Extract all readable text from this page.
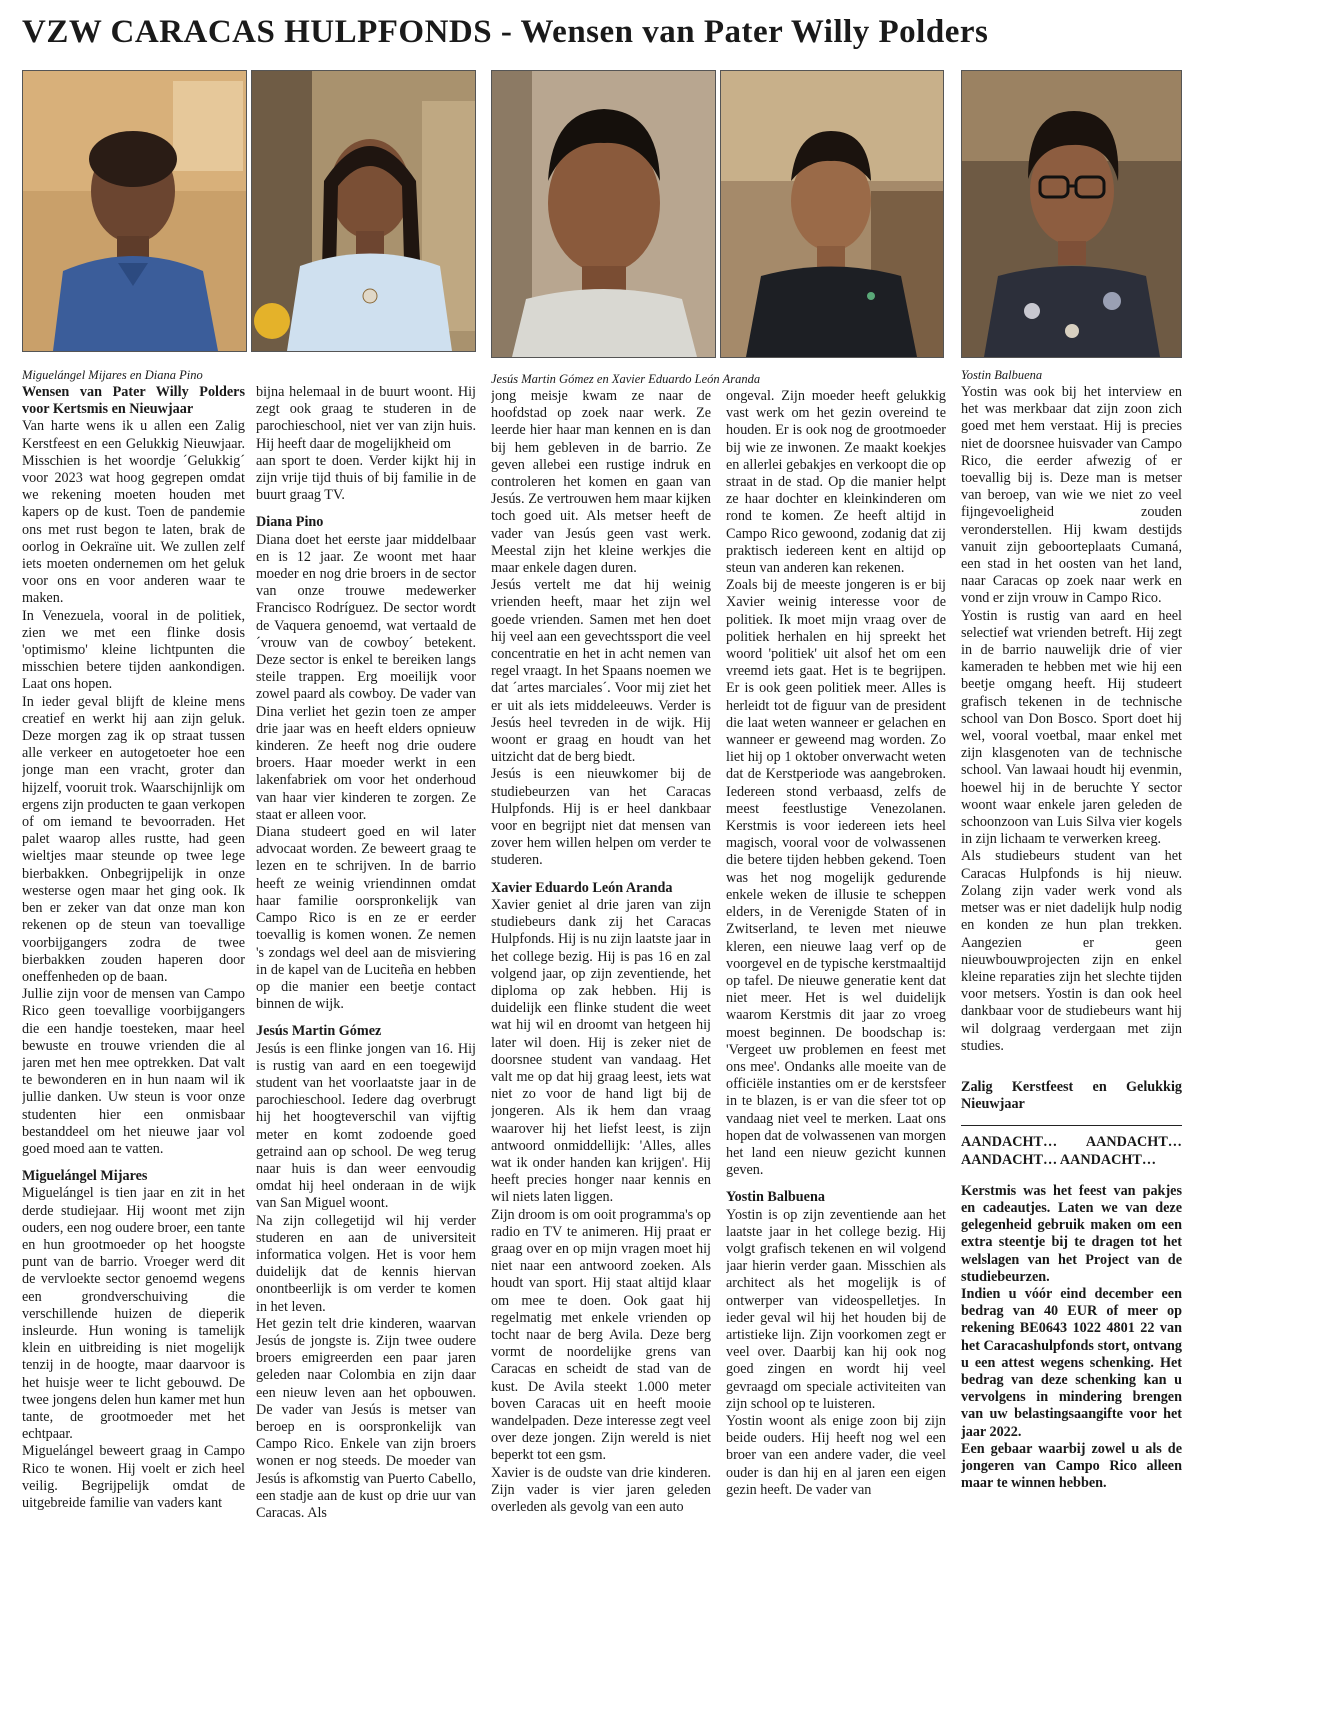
VZW CARACAS HULPFONDS - Wensen van Pater Willy Polders
Miguelángel Mijares en Diana Pino	Jesús Martin Gómez en Xavier Eduardo León Aranda	Yostin Balbuena

Wensen van Pater Willy Polders voor Kertsmis en Nieuwjaar

Van harte wens ik u allen een Zalig Kerstfeest en een Gelukkig Nieuwjaar. Misschien is het woordje ´Gelukkig´ voor 2023 wat hoog gegrepen omdat we rekening moeten houden met kapers op de kust. Toen de pandemie ons met rust begon te laten, brak de oorlog in Oekraïne uit. We zullen zelf iets moeten ondernemen om het geluk voor ons en voor anderen waar te maken.

In Venezuela, vooral in de politiek, zien we met een flinke dosis 'optimismo' kleine lichtpunten die misschien betere tijden aankondigen. Laat ons hopen.

In ieder geval blijft de kleine mens creatief en werkt hij aan zijn geluk. Deze morgen zag ik op straat tussen alle verkeer en autogetoeter hoe een jonge man een vracht, groter dan hijzelf, vooruit trok. Waarschijnlijk om ergens zijn producten te gaan verkopen of om iemand te bevoorraden. Het palet waarop alles rustte, had geen wieltjes maar steunde op twee lege bierbakken. Onbegrijpelijk in onze westerse ogen maar het ging ook. Ik ben er zeker van dat onze man kon rekenen op de steun van toevallige voorbijgangers zodra de twee bierbakken zouden haperen door oneffenheden op de baan.

Jullie zijn voor de mensen van Campo Rico geen toevallige voorbijgangers die een handje toesteken, maar heel bewuste en trouwe vrienden die al jaren met hen mee optrekken. Dat valt te bewonderen en in hun naam wil ik jullie danken. Uw steun is voor onze studenten hier een onmisbaar bestanddeel om het nieuwe jaar vol goed moed aan te vatten.

Miguelángel Mijares

Miguelángel is tien jaar en zit in het derde studiejaar. Hij woont met zijn ouders, een nog oudere broer, een tante en hun grootmoeder op het hoogste punt van de barrio. Vroeger werd dit de vervloekte sector genoemd wegens een grondverschuiving die verschillende huizen de dieperik insleurde. Hun woning is tamelijk klein en uitbreiding is niet mogelijk tenzij in de hoogte, maar daarvoor is het huisje weer te licht gebouwd. De twee jongens delen hun kamer met hun tante, de grootmoeder met het echtpaar.

Miguelángel beweert graag in Campo Rico te wonen. Hij voelt er zich heel veilig. Begrijpelijk omdat de uitgebreide familie van vaders kant

bijna helemaal in de buurt woont. Hij zegt ook graag te studeren in de parochieschool, niet ver van zijn huis. Hij heeft daar de mogelijkheid om

aan sport te doen. Verder kijkt hij in zijn vrije tijd thuis of bij familie in de buurt graag TV.

Diana Pino

Diana doet het eerste jaar middelbaar en is 12 jaar. Ze woont met haar moeder en nog drie broers in de sector van onze trouwe medewerker Francisco Rodríguez. De sector wordt de Vaquera genoemd, wat vertaald de ´vrouw van de cowboy´ betekent. Deze sector is enkel te bereiken langs steile trappen. Erg moeilijk voor zowel paard als cowboy. De vader van Dina verliet het gezin toen ze amper drie jaar was en heeft elders opnieuw kinderen. Ze heeft nog drie oudere broers. Haar moeder werkt in een lakenfabriek om voor het onderhoud van haar vier kinderen te zorgen. Ze staat er alleen voor.

Diana studeert goed en wil later advocaat worden. Ze beweert graag te lezen en te schrijven. In de barrio heeft ze weinig vriendinnen omdat haar familie oorspronkelijk van Campo Rico is en ze er eerder toevallig is komen wonen. Ze nemen 's zondags wel deel aan de misviering in de kapel van de Luciteña en hebben op die manier een beetje contact binnen de wijk.

Jesús Martin Gómez

Jesús is een flinke jongen van 16. Hij is rustig van aard en een toegewijd student van het voorlaatste jaar in de parochieschool. Iedere dag overbrugt hij het hoogteverschil van vijftig meter en komt zodoende goed getraind aan op school. De weg terug naar huis is dan weer eenvoudig omdat hij heel onderaan in de wijk van San Miguel woont.

Na zijn collegetijd wil hij verder studeren en aan de universiteit informatica volgen. Het is voor hem duidelijk dat de kennis hiervan onontbeerlijk is om verder te komen in het leven.

Het gezin telt drie kinderen, waarvan Jesús de jongste is. Zijn twee oudere broers emigreerden een paar jaren geleden naar Colombia en zijn daar een nieuw leven aan het opbouwen. De vader van Jesús is metser van beroep en is oorspronkelijk van Campo Rico. Enkele van zijn broers wonen er nog steeds. De moeder van Jesús is afkomstig van Puerto Cabello, een stadje aan de kust op drie uur van Caracas. Als

jong meisje kwam ze naar de hoofdstad op zoek naar werk. Ze leerde hier haar man kennen en is dan bij hem gebleven in de barrio. Ze geven allebei een rustige indruk en controleren het komen en gaan van Jesús. Ze vertrouwen hem maar kijken toch goed uit. Als metser heeft de vader van Jesús geen vast werk. Meestal zijn het kleine werkjes die maar enkele dagen duren.

Jesús vertelt me dat hij weinig vrienden heeft, maar het zijn wel goede vrienden. Samen met hen doet hij veel aan een gevechtssport die veel concentratie en het in acht nemen van regel vraagt. In het Spaans noemen we dat ´artes marciales´. Voor mij ziet het er uit als iets middeleeuws. Verder is Jesús heel tevreden in de wijk. Hij woont er graag en houdt van het uitzicht dat de berg biedt.

Jesús is een nieuwkomer bij de studiebeurzen van het Caracas Hulpfonds. Hij is er heel dankbaar voor en begrijpt niet dat mensen van zover hem willen helpen om verder te studeren.

Xavier Eduardo León Aranda

Xavier geniet al drie jaren van zijn studiebeurs dank zij het Caracas Hulpfonds. Hij is nu zijn laatste jaar in het college bezig. Hij is pas 16 en zal volgend jaar, op zijn zeventiende, het diploma op zak hebben. Hij is duidelijk een flinke student die weet wat hij wil en droomt van hetgeen hij later wil doen. Hij is zeker niet de doorsnee student van vandaag. Het valt me op dat hij graag leest, iets wat niet zo voor de hand ligt bij de jongeren. Als ik hem dan vraag waarover hij het liefst leest, is zijn antwoord onmiddellijk: 'Alles, alles wat ik onder handen kan krijgen'. Hij heeft precies honger naar kennis en wil niets laten liggen.

Zijn droom is om ooit programma's op radio en TV te animeren. Hij praat er graag over en op mijn vragen moet hij niet naar een antwoord zoeken. Als houdt van sport. Hij staat altijd klaar om mee te doen. Ook gaat hij regelmatig met enkele vrienden op tocht naar de berg Avila. Deze berg vormt de noordelijke grens van Caracas en scheidt de stad van de kust. De Avila steekt 1.000 meter boven Caracas uit en heeft mooie wandelpaden. Deze interesse zegt veel over deze jongen. Zijn wereld is niet beperkt tot een gsm.

Xavier is de oudste van drie kinderen. Zijn vader is vier jaren geleden overleden als gevolg van een auto

ongeval. Zijn moeder heeft gelukkig vast werk om het gezin overeind te houden. Er is ook nog de grootmoeder bij wie ze inwonen. Ze maakt koekjes en allerlei gebakjes en verkoopt die op straat in de stad. Op die manier helpt ze haar dochter en kleinkinderen om rond te komen. Ze heeft altijd in Campo Rico gewoond, zodanig dat zij praktisch iedereen kent en altijd op steun van anderen kan rekenen.

Zoals bij de meeste jongeren is er bij Xavier weinig interesse voor de politiek. Ik moet mijn vraag over de politiek herhalen en hij spreekt het woord 'politiek' uit alsof het om een vreemd iets gaat. Het is te begrijpen. Er is ook geen politiek meer. Alles is herleidt tot de figuur van de president die laat weten wanneer er gelachen en wanneer er geweend mag worden. Zo liet hij op 1 oktober onverwacht weten dat de Kerstperiode was aangebroken. Iedereen stond verbaasd, zelfs de meest feestlustige Venezolanen. Kerstmis is voor iedereen iets heel magisch, vooral voor de volwassenen die betere tijden hebben gekend. Toen was het nog mogelijk gedurende enkele weken de illusie te scheppen elders, in de Verenigde Staten of in Zwitserland, te leven met nieuwe kleren, een nieuwe laag verf op de voorgevel en de typische kerstmaaltijd op tafel. De nieuwe generatie kent dat niet meer. Het is wel duidelijk waarom Kerstmis dit jaar zo vroeg moest beginnen. De boodschap is: 'Vergeet uw problemen en feest met ons mee'. Ondanks alle moeite van de officiële instanties om er de kerstsfeer in te blazen, is er van die sfeer tot op vandaag niet veel te merken. Laat ons hopen dat de volwassenen van morgen het land een nieuw gezicht kunnen geven.

Yostin Balbuena

Yostin is op zijn zeventiende aan het laatste jaar in het college bezig. Hij volgt grafisch tekenen en wil volgend jaar hierin verder gaan. Misschien als architect als het mogelijk is of ontwerper van videospelletjes. In ieder geval wil hij het houden bij de artistieke lijn. Zijn voorkomen zegt er veel over. Daarbij kan hij ook nog goed zingen en wordt hij veel gevraagd om speciale activiteiten van zijn school op te luisteren.

Yostin woont als enige zoon bij zijn beide ouders. Hij heeft nog wel een broer van een andere vader, die veel ouder is dan hij en al jaren een eigen gezin heeft. De vader van

Yostin was ook bij het interview en het was merkbaar dat zijn zoon zich goed met hem verstaat. Hij is precies niet de doorsnee huisvader van Campo Rico, die eerder afwezig of er toevallig bij is. Deze man is metser van beroep, van wie we niet zo veel fijngevoeligheid zouden veronderstellen. Hij kwam destijds vanuit zijn geboorteplaats Cumaná, een stad in het oosten van het land, naar Caracas op zoek naar werk en vond er zijn vrouw in Campo Rico.

Yostin is rustig van aard en heel selectief wat vrienden betreft. Hij zegt in de barrio nauwelijk drie of vier kameraden te hebben met wie hij een beetje omgang heeft. Hij studeert grafisch tekenen in de technische school van Don Bosco. Sport doet hij wel, vooral voetbal, maar enkel met zijn klasgenoten van de technische school. Van lawaai houdt hij evenmin, hoewel hij in de beruchte Y sector woont waar enkele jaren geleden de schoonzoon van Luis Silva vier kogels in zijn lichaam te verwerken kreeg.

Als studiebeurs student van het Caracas Hulpfonds is hij nieuw. Zolang zijn vader werk vond als metser was er niet dadelijk hulp nodig en konden ze hun plan trekken. Aangezien er geen nieuwbouwprojecten zijn en enkel kleine reparaties zijn het slechte tijden voor metsers. Yostin is dan ook heel dankbaar voor de studiebeurs want hij wil dolgraag verdergaan met zijn studies.

Zalig Kerstfeest en Gelukkig Nieuwjaar

AANDACHT… AANDACHT… AANDACHT… AANDACHT…

Kerstmis was het feest van pakjes en cadeautjes. Laten we van deze gelegenheid gebruik maken om een extra steentje bij te dragen tot het welslagen van het Project van de studiebeurzen.

Indien u vóór eind december een bedrag van 40 EUR of meer op rekening BE0643 1022 4801 22 van het Caracashulpfonds stort, ontvang u een attest wegens schenking. Het bedrag van deze schenking kan u vervolgens in mindering brengen van uw belastingsaangifte voor het jaar 2022.

Een gebaar waarbij zowel u als de jongeren van Campo Rico alleen maar te winnen hebben.
